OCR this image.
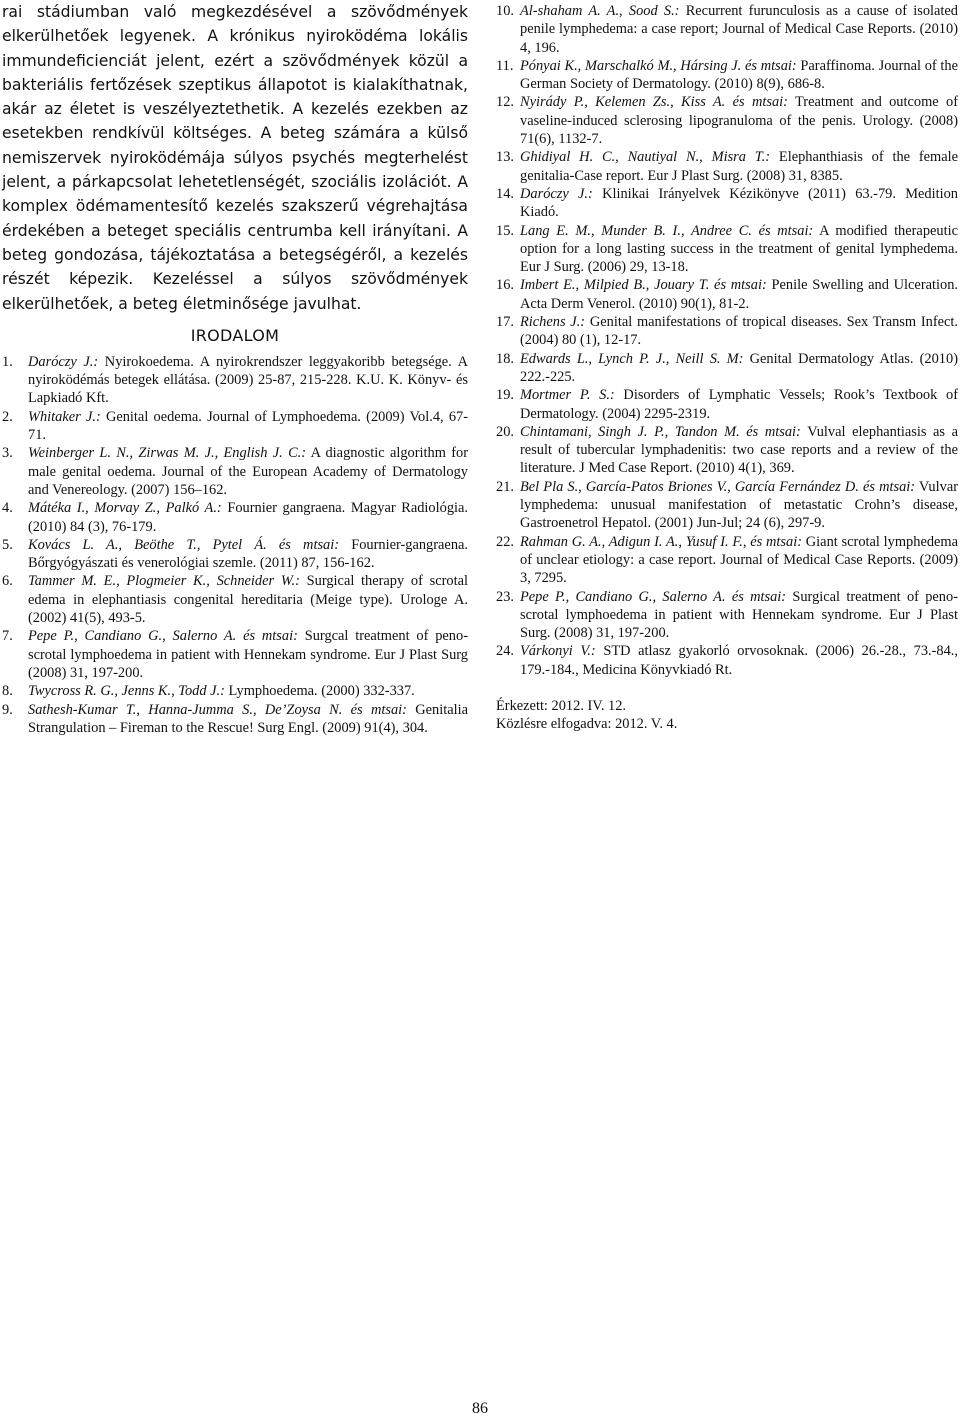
rai stádiumban való megkezdésével a szövődmények elkerülhetőek legyenek. A krónikus nyiroködéma lokális immundeficienciát jelent, ezért a szövődmények közül a bakteriális fertőzések szeptikus állapotot is kialakíthatnak, akár az életet is veszélyeztethetik. A kezelés ezekben az esetekben rendkívül költséges. A beteg számára a külső nemiszervek nyiroködémája súlyos psychés megterhelést jelent, a párkapcsolat lehetetlenségét, szociális izolációt. A komplex ödémamentesítő kezelés szakszerű végrehajtása érdekében a beteget speciális centrumba kell irányítani. A beteg gondozása, tájékoztatása a betegségéről, a kezelés részét képezik. Kezeléssel a súlyos szövődmények elkerülhetőek, a beteg életminősége javulhat.

IRODALOM
1. Daróczy J.: Nyirokoedema. A nyirokrendszer leggyakoribb betegsége. A nyiroködémás betegek ellátása. (2009) 25-87, 215-228. K.U. K. Könyv- és Lapkiadó Kft.
2. Whitaker J.: Genital oedema. Journal of Lymphoedema. (2009) Vol.4, 67-71.
3. Weinberger L. N., Zirwas M. J., English J. C.: A diagnostic algorithm for male genital oedema. Journal of the European Academy of Dermatology and Venereology. (2007) 156–162.
4. Mátéka I., Morvay Z., Palkó A.: Fournier gangraena. Magyar Radiológia. (2010) 84 (3), 76-179.
5. Kovács L. A., Beöthe T., Pytel Á. és mtsai: Fournier-gangraena. Bőrgyógyászati és venerológiai szemle. (2011) 87, 156-162.
6. Tammer M. E., Plogmeier K., Schneider W.: Surgical therapy of scrotal edema in elephantiasis congenital hereditaria (Meige type). Urologe A. (2002) 41(5), 493-5.
7. Pepe P., Candiano G., Salerno A. és mtsai: Surgcal treatment of peno-scrotal lymphoedema in patient with Hennekam syndrome. Eur J Plast Surg (2008) 31, 197-200.
8. Twycross R. G., Jenns K., Todd J.: Lymphoedema. (2000) 332-337.
9. Sathesh-Kumar T., Hanna-Jumma S., De’Zoysa N. és mtsai: Genitalia Strangulation – Fireman to the Rescue! Surg Engl. (2009) 91(4), 304.
10. Al-shaham A. A., Sood S.: Recurrent furunculosis as a cause of isolated penile lymphedema: a case report; Journal of Medical Case Reports. (2010) 4, 196.
11. Pónyai K., Marschalkó M., Hársing J. és mtsai: Paraffinoma. Journal of the German Society of Dermatology. (2010) 8(9), 686-8.
12. Nyirády P., Kelemen Zs., Kiss A. és mtsai: Treatment and outcome of vaseline-induced sclerosing lipogranuloma of the penis. Urology. (2008) 71(6), 1132-7.
13. Ghidiyal H. C., Nautiyal N., Misra T.: Elephanthiasis of the female genitalia-Case report. Eur J Plast Surg. (2008) 31, 8385.
14. Daróczy J.: Klinikai Irányelvek Kézikönyve (2011) 63.-79. Medition Kiadó.
15. Lang E. M., Munder B. I., Andree C. és mtsai: A modified therapeutic option for a long lasting success in the treatment of genital lymphedema. Eur J Surg. (2006) 29, 13-18.
16. Imbert E., Milpied B., Jouary T. és mtsai: Penile Swelling and Ulceration. Acta Derm Venerol. (2010) 90(1), 81-2.
17. Richens J.: Genital manifestations of tropical diseases. Sex Transm Infect. (2004) 80 (1), 12-17.
18. Edwards L., Lynch P. J., Neill S. M: Genital Dermatology Atlas. (2010) 222.-225.
19. Mortmer P. S.: Disorders of Lymphatic Vessels; Rook’s Textbook of Dermatology. (2004) 2295-2319.
20. Chintamani, Singh J. P., Tandon M. és mtsai: Vulval elephantiasis as a result of tubercular lymphadenitis: two case reports and a review of the literature. J Med Case Report. (2010) 4(1), 369.
21. Bel Pla S., García-Patos Briones V., García Fernández D. és mtsai: Vulvar lymphedema: unusual manifestation of metastatic Crohn’s disease, Gastroenetrol Hepatol. (2001) Jun-Jul; 24 (6), 297-9.
22. Rahman G. A., Adigun I. A., Yusuf I. F., és mtsai: Giant scrotal lymphedema of unclear etiology: a case report. Journal of Medical Case Reports. (2009) 3, 7295.
23. Pepe P., Candiano G., Salerno A. és mtsai: Surgical treatment of peno-scrotal lymphoedema in patient with Hennekam syndrome. Eur J Plast Surg. (2008) 31, 197-200.
24. Várkonyi V.: STD atlasz gyakorló orvosoknak. (2006) 26.-28., 73.-84., 179.-184., Medicina Könyvkiadó Rt.
Érkezett: 2012. IV. 12.
Közlésre elfogadva: 2012. V. 4.
86
